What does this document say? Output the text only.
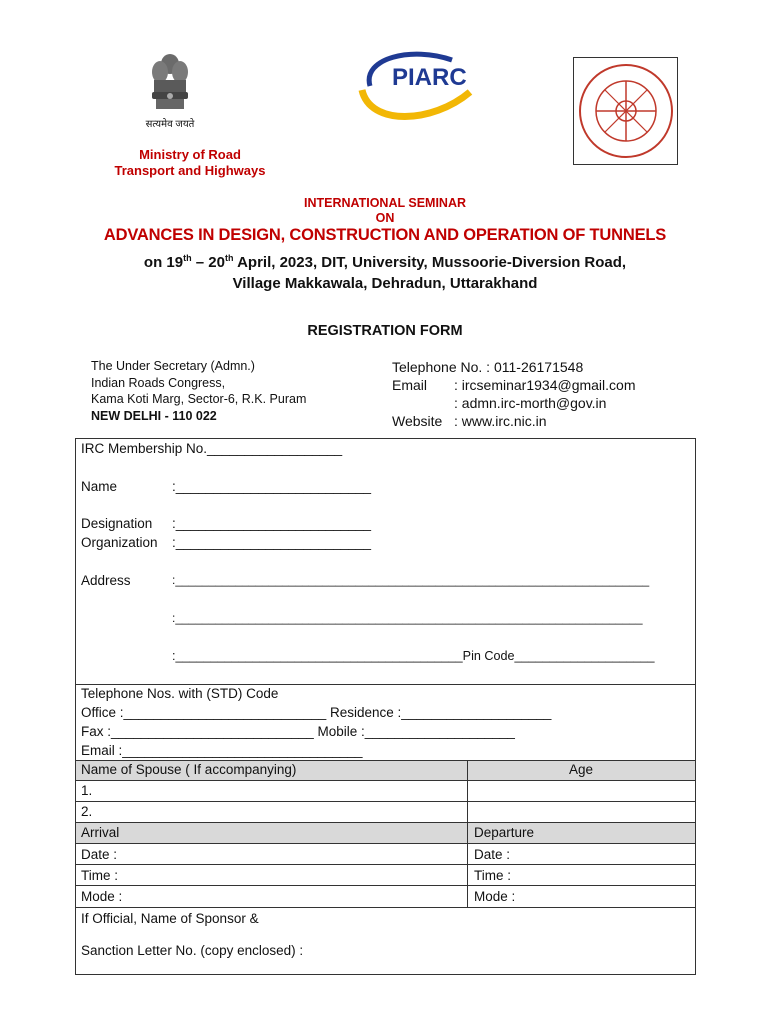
सत्यमेव जयते
PIARC
Ministry of Road
Transport and Highways
INTERNATIONAL SEMINAR
ON
ADVANCES IN DESIGN, CONSTRUCTION AND OPERATION OF TUNNELS
on 19th – 20th April, 2023, DIT, University, Mussoorie-Diversion Road,
Village Makkawala, Dehradun, Uttarakhand
REGISTRATION FORM
The Under Secretary (Admn.)
Indian Roads Congress,
Kama Koti Marg, Sector-6, R.K. Puram
NEW DELHI - 110 022
Telephone No. : 011-26171548
Email : ircseminar1934@gmail.com
: admn.irc-morth@gov.in
Website : www.irc.nic.in
IRC Membership No.__________________
Name	:__________________________
Designation :__________________________
Organization :__________________________
Address	:_______________________________________________________________________
:______________________________________________________________________
:_________________________________________Pin Code____________________
Telephone Nos. with (STD) Code
Office :___________________________ Residence :____________________
Fax :___________________________ Mobile :____________________
Email :________________________________
Name of Spouse ( If accompanying)	Age
1.
2.
Arrival	Departure
Date :	Date :
Time :	Time :
Mode :	Mode :
If Official, Name of Sponsor &
Sanction Letter No. (copy enclosed) :
